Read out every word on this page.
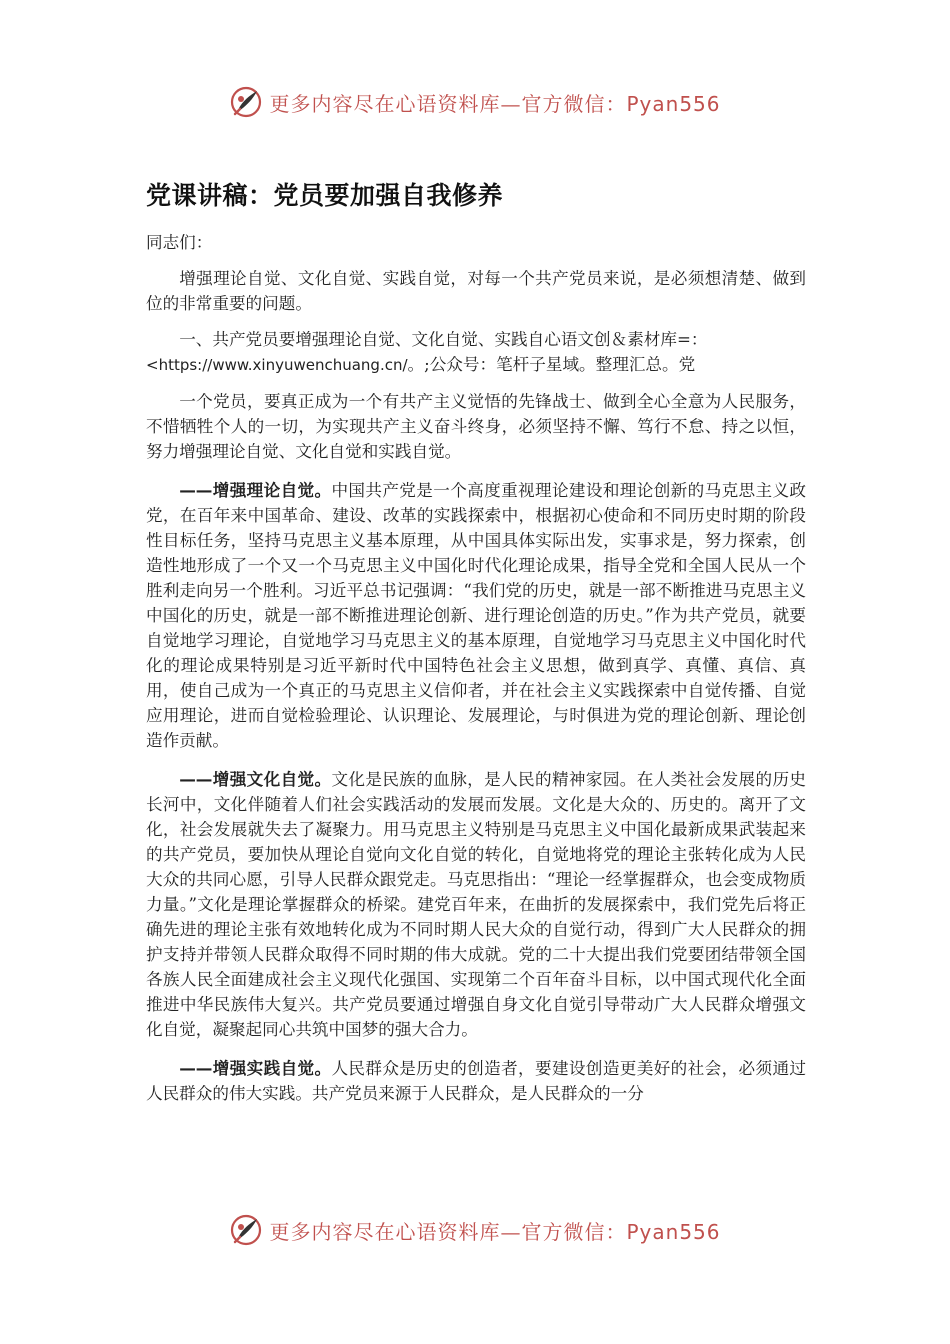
更多内容尽在心语资料库—官方微信：Pyan556
党课讲稿：党员要加强自我修养

同志们：

增强理论自觉、文化自觉、实践自觉，对每一个共产党员来说，是必须想清楚、做到位的非常重要的问题。

一、共产党员要增强理论自觉、文化自觉、实践自心语文创＆素材库=：
<https://www.xinyuwenchuang.cn/。;公众号：笔杆子星域。整理汇总。党

一个党员，要真正成为一个有共产主义觉悟的先锋战士、做到全心全意为人民服务，不惜牺牲个人的一切，为实现共产主义奋斗终身，必须坚持不懈、笃行不怠、持之以恒，努力增强理论自觉、文化自觉和实践自觉。

——增强理论自觉。中国共产党是一个高度重视理论建设和理论创新的马克思主义政党，在百年来中国革命、建设、改革的实践探索中，根据初心使命和不同历史时期的阶段性目标任务，坚持马克思主义基本原理，从中国具体实际出发，实事求是，努力探索，创造性地形成了一个又一个马克思主义中国化时代化理论成果，指导全党和全国人民从一个胜利走向另一个胜利。习近平总书记强调：“我们党的历史，就是一部不断推进马克思主义中国化的历史，就是一部不断推进理论创新、进行理论创造的历史。”作为共产党员，就要自觉地学习理论，自觉地学习马克思主义的基本原理，自觉地学习马克思主义中国化时代化的理论成果特别是习近平新时代中国特色社会主义思想，做到真学、真懂、真信、真用，使自己成为一个真正的马克思主义信仰者，并在社会主义实践探索中自觉传播、自觉应用理论，进而自觉检验理论、认识理论、发展理论，与时俱进为党的理论创新、理论创造作贡献。

——增强文化自觉。文化是民族的血脉，是人民的精神家园。在人类社会发展的历史长河中，文化伴随着人们社会实践活动的发展而发展。文化是大众的、历史的。离开了文化，社会发展就失去了凝聚力。用马克思主义特别是马克思主义中国化最新成果武装起来的共产党员，要加快从理论自觉向文化自觉的转化，自觉地将党的理论主张转化成为人民大众的共同心愿，引导人民群众跟党走。马克思指出：“理论一经掌握群众，也会变成物质力量。”文化是理论掌握群众的桥梁。建党百年来，在曲折的发展探索中，我们党先后将正确先进的理论主张有效地转化成为不同时期人民大众的自觉行动，得到广大人民群众的拥护支持并带领人民群众取得不同时期的伟大成就。党的二十大提出我们党要团结带领全国各族人民全面建成社会主义现代化强国、实现第二个百年奋斗目标，以中国式现代化全面推进中华民族伟大复兴。共产党员要通过增强自身文化自觉引导带动广大人民群众增强文化自觉，凝聚起同心共筑中国梦的强大合力。

——增强实践自觉。人民群众是历史的创造者，要建设创造更美好的社会，必须通过人民群众的伟大实践。共产党员来源于人民群众，是人民群众的一分

更多内容尽在心语资料库—官方微信：Pyan556
